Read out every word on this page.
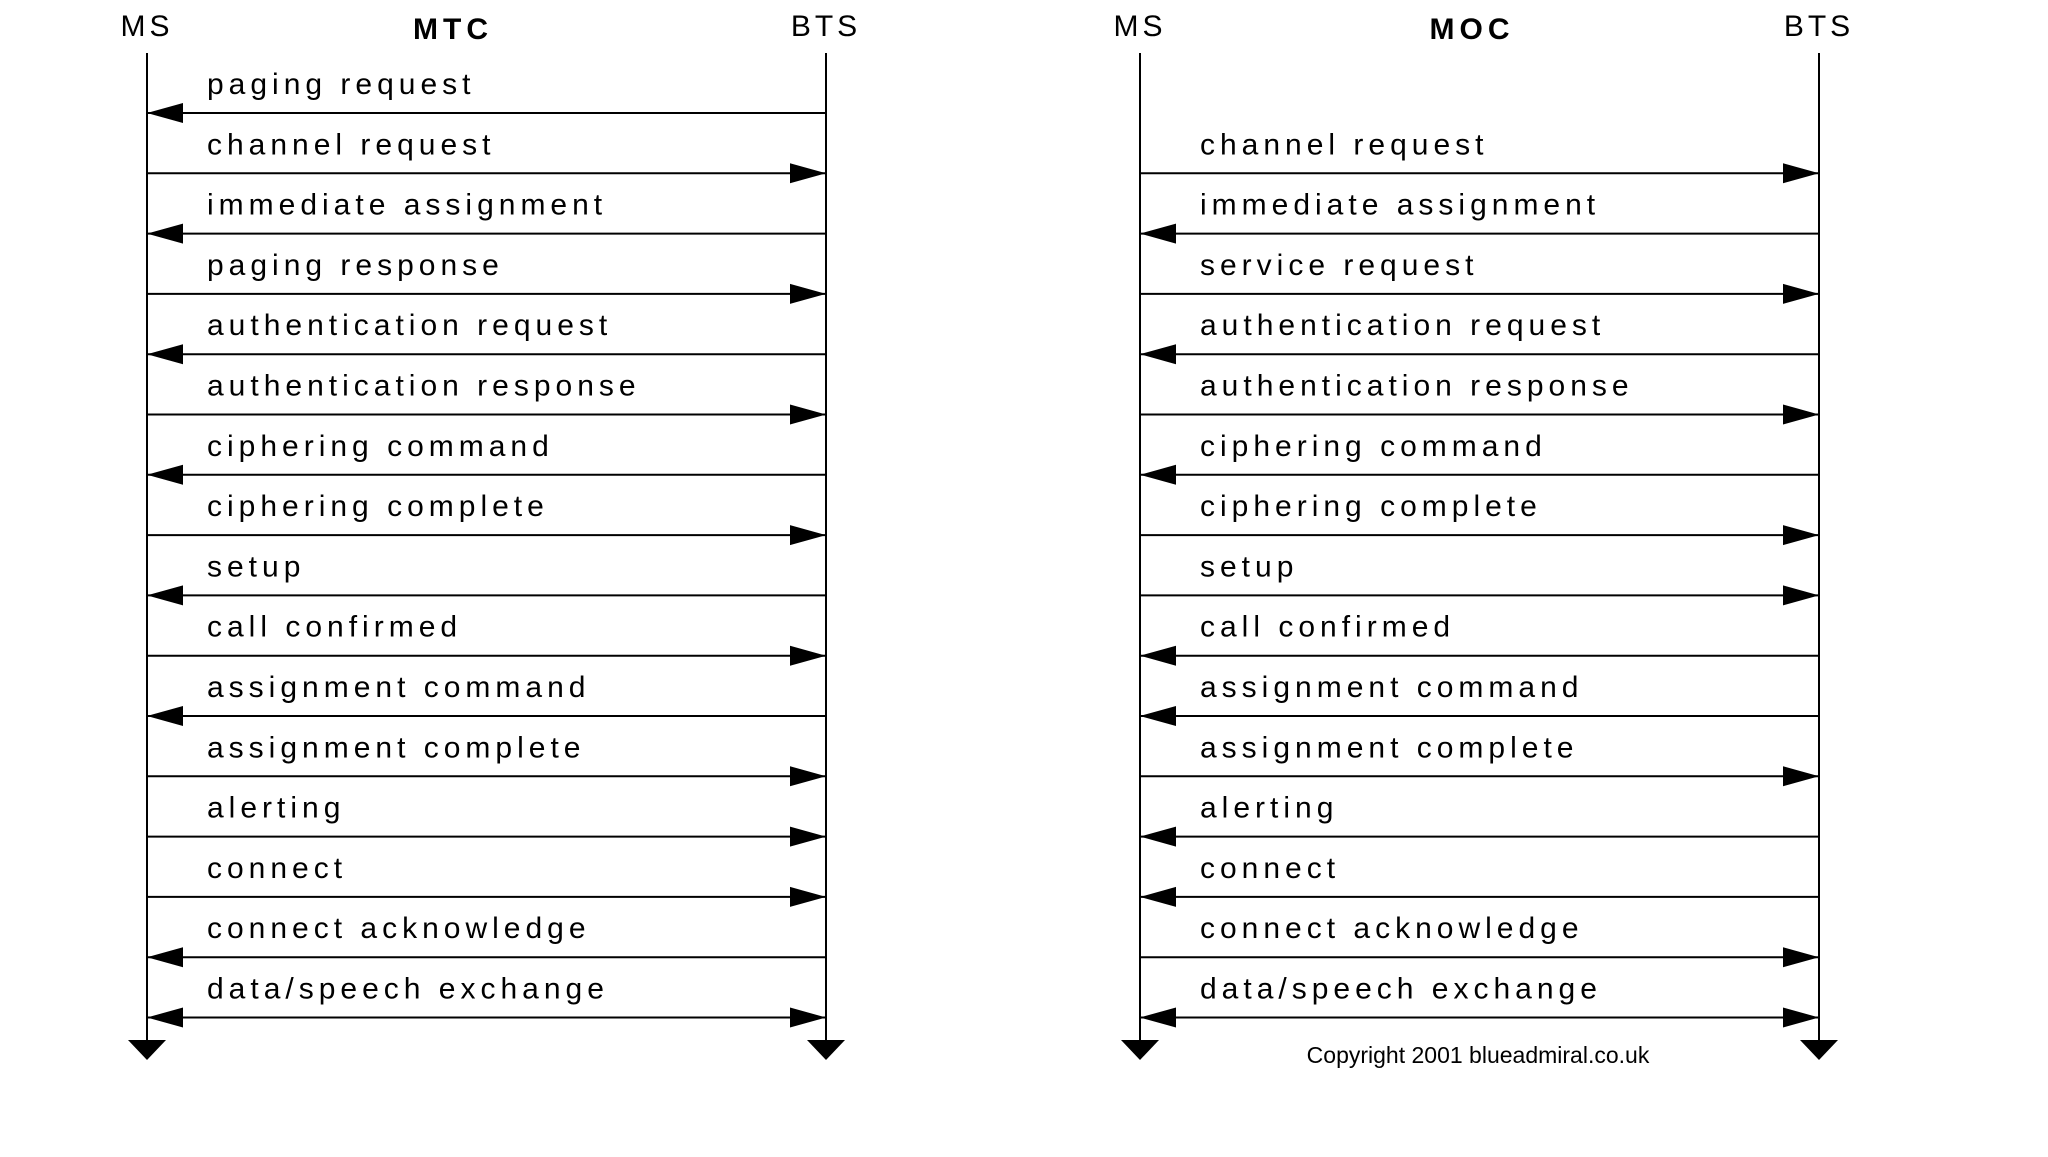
Copyright 2001 blueadmiral.co.uk
MS	BTS
MTC
paging request
channel request
immediate assignment
paging response
authentication request
authentication response
ciphering command
ciphering complete
setup
call confirmed
assignment command
assignment complete
alerting
connect
connect acknowledge
data/speech exchange
MS	BTS
MOC
channel request
immediate assignment
service request
authentication request
authentication response
ciphering command
ciphering complete
setup
call confirmed
assignment command
assignment complete
alerting
connect
connect acknowledge
data/speech exchange
